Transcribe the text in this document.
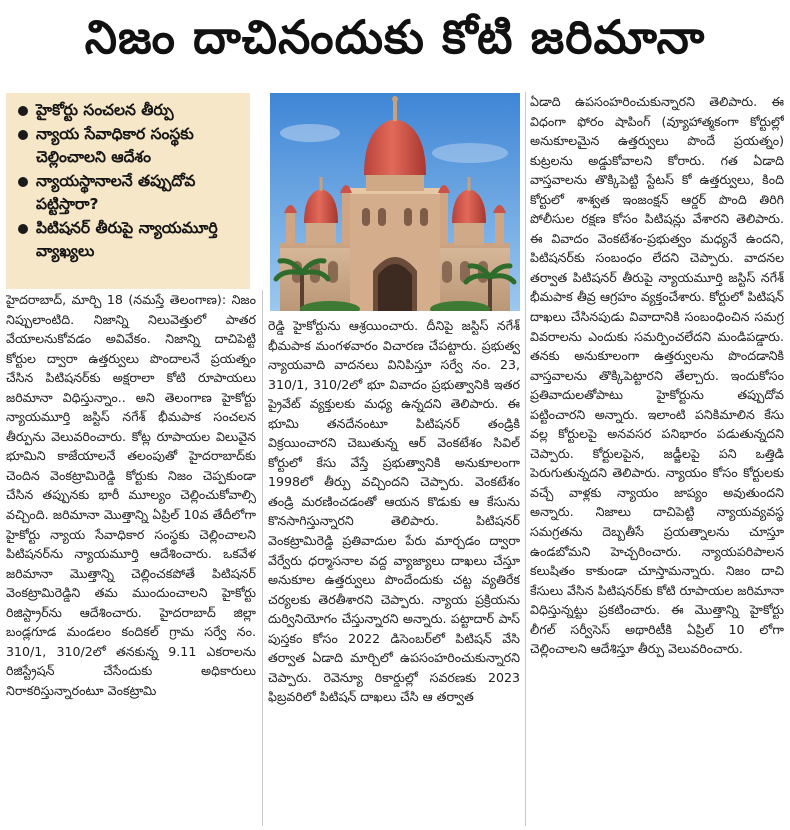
నిజం దాచినందుకు కోటి జరిమానా
హైకోర్టు సంచలన తీర్పు
న్యాయ సేవాధికార సంస్థకు చెల్లించాలని ఆదేశం
న్యాయస్థానాలనే తప్పుదోవ పట్టిస్తారా?
పిటిషనర్ తీరుపై న్యాయమూర్తి వ్యాఖ్యలు

హైదరాబాద్, మార్చి 18 (నమస్తే తెలంగాణ): నిజం నిప్పులాంటిది. నిజాన్ని నిలువెత్తులో పాతర వేయాలనుకోవడం అవివేకం. నిజాన్ని దాచిపెట్టి కోర్టుల ద్వారా ఉత్తర్వులు పొందాలనే ప్రయత్నం చేసిన పిటిషనర్‌కు అక్షరాలా కోటి రూపాయలు జరిమానా విధిస్తున్నాం.. అని తెలంగాణ హైకోర్టు న్యాయమూర్తి జస్టిస్ నగేశ్ భీమపాక సంచలన తీర్పును వెలువరించారు. కోట్ల రూపాయల విలువైన భూమిని కాజేయాలనే తలంపుతో హైదరాబాద్‌కు చెందిన వెంకట్రామిరెడ్డి కోర్టుకు నిజం చెప్పకుండా చేసిన తప్పునకు భారీ మూల్యం చెల్లించుకోవాల్సి వచ్చింది. జరిమానా మొత్తాన్ని ఏప్రిల్ 10వ తేదీలోగా హైకోర్టు న్యాయ సేవాధికార సంస్థకు చెల్లించాలని పిటిషనర్‌ను న్యాయమూర్తి ఆదేశించారు. ఒకవేళ జరిమానా మొత్తాన్ని చెల్లించకపోతే పిటిషనర్ వెంకట్రామిరెడ్డిని తమ ముందుంచాలని హైకోర్టు రిజిస్ట్రార్‌ను ఆదేశించారు. హైదరాబాద్ జిల్లా బండ్లగూడ మండలం కందికల్ గ్రామ సర్వే నం. 310/1, 310/2లో తనకున్న 9.11 ఎకరాలను రిజిస్ట్రేషన్ చేసేందుకు అధికారులు నిరాకరిస్తున్నారంటూ వెంకట్రామి

రెడ్డి హైకోర్టును ఆశ్రయించారు. దీనిపై జస్టిస్ నగేశ్ భీమపాక మంగళవారం విచారణ చేపట్టారు. ప్రభుత్వ న్యాయవాది వాదనలు వినిపిస్తూ సర్వే నం. 23, 310/1, 310/2లో భూ వివాదం ప్రభుత్వానికి ఇతర ప్రైవేట్ వ్యక్తులకు మధ్య ఉన్నదని తెలిపారు. ఈ భూమి తనదేనంటూ పిటిషనర్ తండ్రికి విక్రయించారని చెబుతున్న ఆర్ వెంకటేశం సివిల్ కోర్టులో కేసు వేస్తే ప్రభుత్వానికి అనుకూలంగా 1998లో తీర్పు వచ్చిందని చెప్పారు. వెంకటేశం తండ్రి మరణించడంతో ఆయన కొడుకు ఆ కేసును కొనసాగిస్తున్నారని తెలిపారు. పిటిషనర్ వెంకట్రామిరెడ్డి ప్రతివాదుల పేరు మార్చడం ద్వారా వేర్వేరు ధర్మాసనాల వద్ద వ్యాజ్యాలు దాఖలు చేస్తూ అనుకూల ఉత్తర్వులు పొందేందుకు చట్ట వ్యతిరేక చర్యలకు తెరతీశారని చెప్పారు. న్యాయ ప్రక్రియను దుర్వినియోగం చేస్తున్నారని అన్నారు. పట్టాదార్ పాస్ పుస్తకం కోసం 2022 డిసెంబర్‌లో పిటిషన్ వేసి తర్వాత ఏడాది మార్చిలో ఉపసంహరించుకున్నారని చెప్పారు. రెవెన్యూ రికార్డుల్లో సవరణకు 2023 ఫిబ్రవరిలో పిటిషన్ దాఖలు చేసి ఆ తర్వాత

ఏడాది ఉపసంహరించుకున్నారని తెలిపారు. ఈ విధంగా ఫోరం షాపింగ్ (వ్యూహాత్మకంగా కోర్టుల్లో అనుకూలమైన ఉత్తర్వులు పొందే ప్రయత్నం) కుట్రలను అడ్డుకోవాలని కోరారు. గత ఏడాది వాస్తవాలను తొక్కిపెట్టి స్టేటస్ కో ఉత్తర్వులు, కింది కోర్టులో శాశ్వత ఇంజంక్షన్ ఆర్డర్ పొంది తిరిగి పోలీసుల రక్షణ కోసం పిటిషన్లు వేశారని తెలిపారు. ఈ వివాదం వెంకటేశం-ప్రభుత్వం మధ్యనే ఉందని, పిటిషనర్‌కు సంబంధం లేదని చెప్పారు. వాదనల తర్వాత పిటిషనర్ తీరుపై న్యాయమూర్తి జస్టిస్ నగేశ్ భీమపాక తీవ్ర ఆగ్రహం వ్యక్తంచేశారు. కోర్టులో పిటిషన్ దాఖలు చేసినపుడు వివాదానికి సంబంధించిన సమగ్ర వివరాలను ఎందుకు సమర్పించలేదని మండిపడ్డారు. తనకు అనుకూలంగా ఉత్తర్వులను పొందడానికి వాస్తవాలను తొక్కిపెట్టారని తేల్చారు. ఇందుకోసం ప్రతివాదులతోపాటు హైకోర్టును తప్పుదోవ పట్టించారని అన్నారు. ఇలాంటి పనికిమాలిన కేసు వల్ల కోర్టులపై అనవసర పనిభారం పడుతున్నదని చెప్పారు. కోర్టులపైన, జడ్జీలపై పని ఒత్తిడి పెరుగుతున్నదని తెలిపారు. న్యాయం కోసం కోర్టులకు వచ్చే వాళ్లకు న్యాయం జాప్యం అవుతుందని అన్నారు. నిజాలు దాచిపెట్టి న్యాయవ్యవస్థ సమగ్రతను దెబ్బతీసే ప్రయత్నాలను చూస్తూ ఉండబోమని హెచ్చరించారు. న్యాయపరిపాలన కలుషితం కాకుండా చూస్తామన్నారు. నిజం దాచి కేసులు వేసిన పిటిషనర్‌కు కోటి రూపాయల జరిమానా విధిస్తున్నట్టు ప్రకటించారు. ఈ మొత్తాన్ని హైకోర్టు లీగల్ సర్వీసెస్ అథారిటీకి ఏప్రిల్ 10 లోగా చెల్లించాలని ఆదేశిస్తూ తీర్పు వెలువరించారు.
